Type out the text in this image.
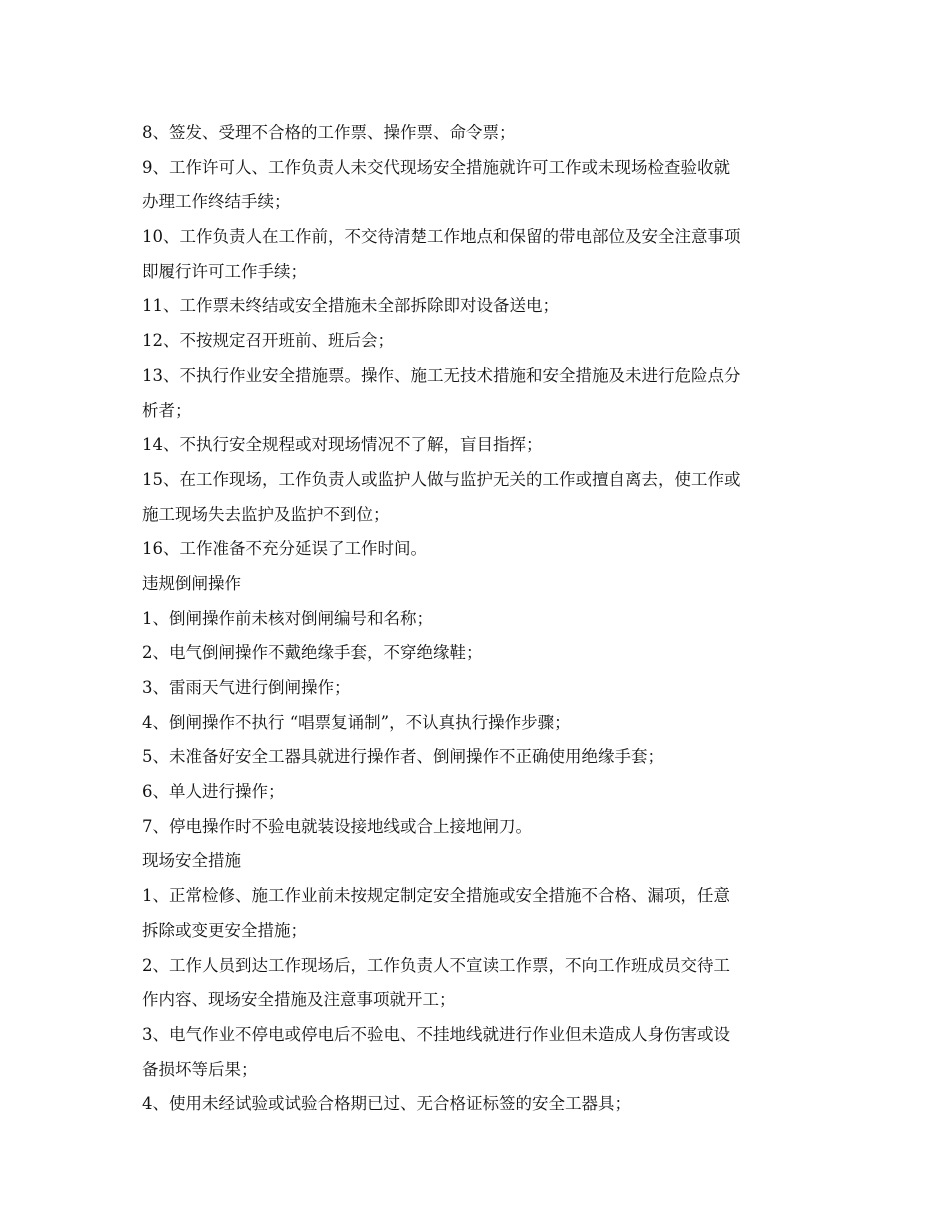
8、签发、受理不合格的工作票、操作票、命令票；
9、工作许可人、工作负责人未交代现场安全措施就许可工作或未现场检查验收就
办理工作终结手续；
10、工作负责人在工作前，不交待清楚工作地点和保留的带电部位及安全注意事项
即履行许可工作手续；
11、工作票未终结或安全措施未全部拆除即对设备送电；
12、不按规定召开班前、班后会；
13、不执行作业安全措施票。操作、施工无技术措施和安全措施及未进行危险点分
析者；
14、不执行安全规程或对现场情况不了解，盲目指挥；
15、在工作现场，工作负责人或监护人做与监护无关的工作或擅自离去，使工作或
施工现场失去监护及监护不到位；
16、工作准备不充分延误了工作时间。
违规倒闸操作
1、倒闸操作前未核对倒闸编号和名称；
2、电气倒闸操作不戴绝缘手套，不穿绝缘鞋；
3、雷雨天气进行倒闸操作；
4、倒闸操作不执行 “唱票复诵制”，不认真执行操作步骤；
5、未准备好安全工器具就进行操作者、倒闸操作不正确使用绝缘手套；
6、单人进行操作；
7、停电操作时不验电就装设接地线或合上接地闸刀。
现场安全措施
1、正常检修、施工作业前未按规定制定安全措施或安全措施不合格、漏项，任意
拆除或变更安全措施；
2、工作人员到达工作现场后，工作负责人不宣读工作票，不向工作班成员交待工
作内容、现场安全措施及注意事项就开工；
3、电气作业不停电或停电后不验电、不挂地线就进行作业但未造成人身伤害或设
备损坏等后果；
4、使用未经试验或试验合格期已过、无合格证标签的安全工器具；
